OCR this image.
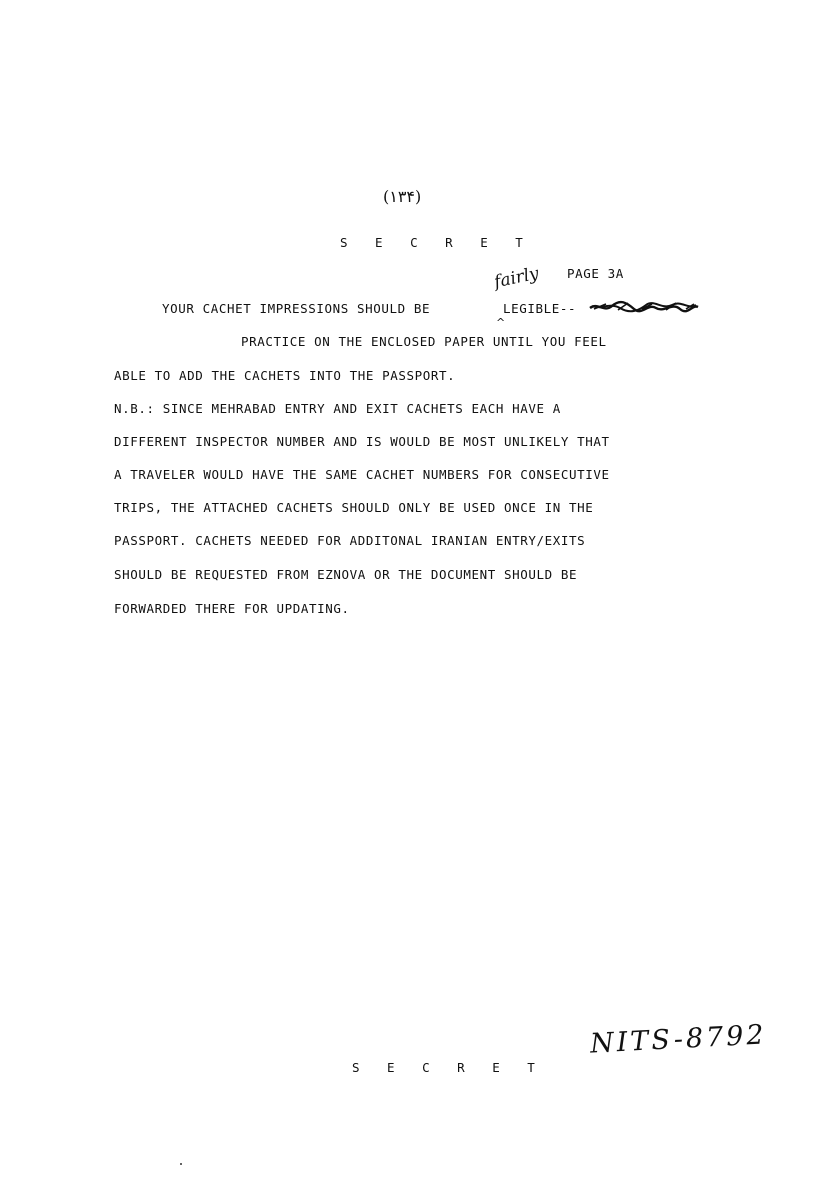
(۱۳۴)
S E C R E T
fairly PAGE 3A
YOUR CACHET IMPRESSIONS SHOULD BE
^
LEGIBLE--
PRACTICE ON THE ENCLOSED PAPER UNTIL YOU FEEL
ABLE TO ADD THE CACHETS INTO THE PASSPORT.
N.B.: SINCE MEHRABAD ENTRY AND EXIT CACHETS EACH HAVE A
DIFFERENT INSPECTOR NUMBER AND IS WOULD BE MOST UNLIKELY THAT
A TRAVELER WOULD HAVE THE SAME CACHET NUMBERS FOR CONSECUTIVE
TRIPS, THE ATTACHED CACHETS SHOULD ONLY BE USED ONCE IN THE
PASSPORT. CACHETS NEEDED FOR ADDITONAL IRANIAN ENTRY/EXITS
SHOULD BE REQUESTED FROM EZNOVA OR THE DOCUMENT SHOULD BE
FORWARDED THERE FOR UPDATING.
NITS-8792
S E C R E T
